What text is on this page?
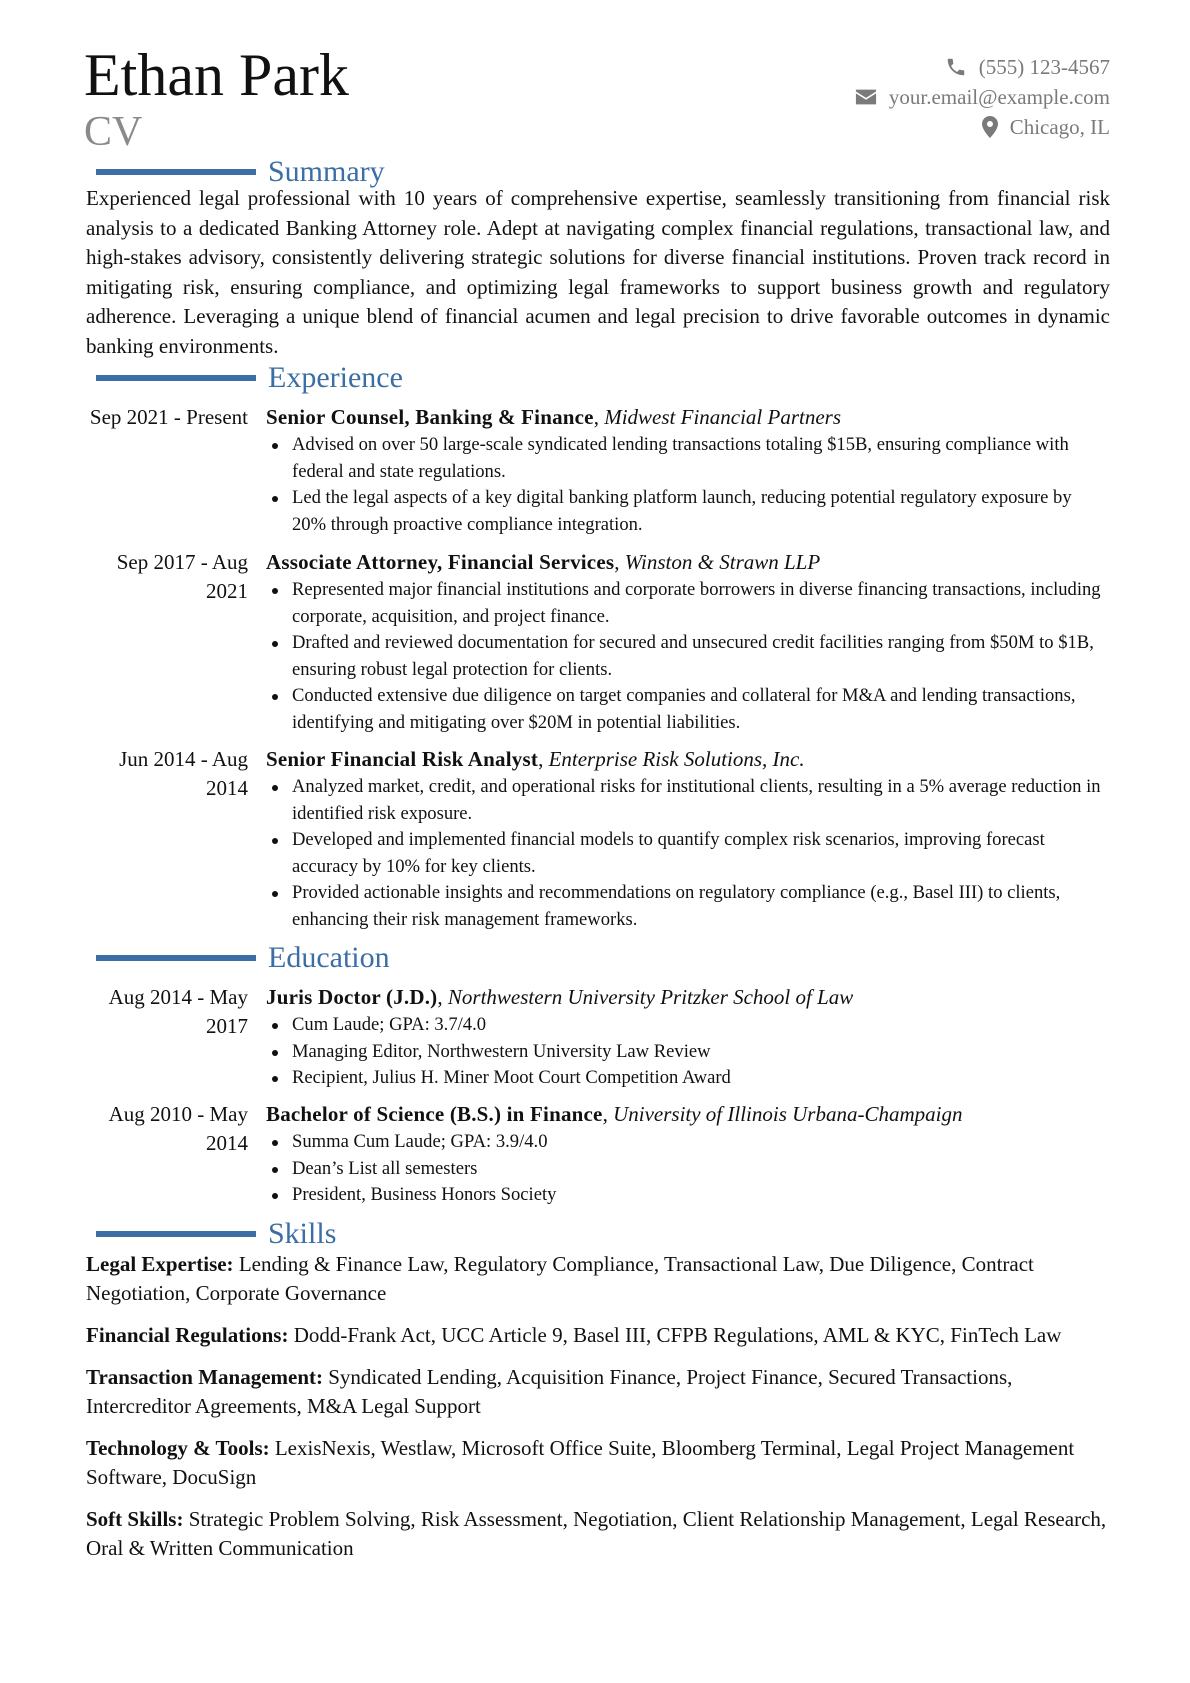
Ethan Park
CV
(555) 123-4567
your.email@example.com
Chicago, IL
Summary
Experienced legal professional with 10 years of comprehensive expertise, seamlessly transitioning from financial risk analysis to a dedicated Banking Attorney role. Adept at navigating complex financial regulations, transactional law, and high-stakes advisory, consistently delivering strategic solutions for diverse financial institutions. Proven track record in mitigating risk, ensuring compliance, and optimizing legal frameworks to support business growth and regulatory adherence. Leveraging a unique blend of financial acumen and legal precision to drive favorable outcomes in dynamic banking environments.
Experience
Sep 2021 - Present Senior Counsel, Banking & Finance, Midwest Financial Partners
Advised on over 50 large-scale syndicated lending transactions totaling $15B, ensuring compliance with federal and state regulations.
Led the legal aspects of a key digital banking platform launch, reducing potential regulatory exposure by 20% through proactive compliance integration.
Sep 2017 - Aug 2021
Associate Attorney, Financial Services, Winston & Strawn LLP
Represented major financial institutions and corporate borrowers in diverse financing transactions, including corporate, acquisition, and project finance.
Drafted and reviewed documentation for secured and unsecured credit facilities ranging from $50M to $1B, ensuring robust legal protection for clients.
Conducted extensive due diligence on target companies and collateral for M&A and lending transactions, identifying and mitigating over $20M in potential liabilities.
Jun 2014 - Aug 2014
Senior Financial Risk Analyst, Enterprise Risk Solutions, Inc.
Analyzed market, credit, and operational risks for institutional clients, resulting in a 5% average reduction in identified risk exposure.
Developed and implemented financial models to quantify complex risk scenarios, improving forecast accuracy by 10% for key clients.
Provided actionable insights and recommendations on regulatory compliance (e.g., Basel III) to clients, enhancing their risk management frameworks.
Education
Aug 2014 - May 2017
Juris Doctor (J.D.), Northwestern University Pritzker School of Law
Cum Laude; GPA: 3.7/4.0
Managing Editor, Northwestern University Law Review
Recipient, Julius H. Miner Moot Court Competition Award
Aug 2010 - May 2014
Bachelor of Science (B.S.) in Finance, University of Illinois Urbana-Champaign
Summa Cum Laude; GPA: 3.9/4.0
Dean’s List all semesters
President, Business Honors Society
Skills
Legal Expertise: Lending & Finance Law, Regulatory Compliance, Transactional Law, Due Diligence, Contract Negotiation, Corporate Governance
Financial Regulations: Dodd-Frank Act, UCC Article 9, Basel III, CFPB Regulations, AML & KYC, FinTech Law
Transaction Management: Syndicated Lending, Acquisition Finance, Project Finance, Secured Transactions, Intercreditor Agreements, M&A Legal Support
Technology & Tools: LexisNexis, Westlaw, Microsoft Office Suite, Bloomberg Terminal, Legal Project Management Software, DocuSign
Soft Skills: Strategic Problem Solving, Risk Assessment, Negotiation, Client Relationship Management, Legal Research, Oral & Written Communication
